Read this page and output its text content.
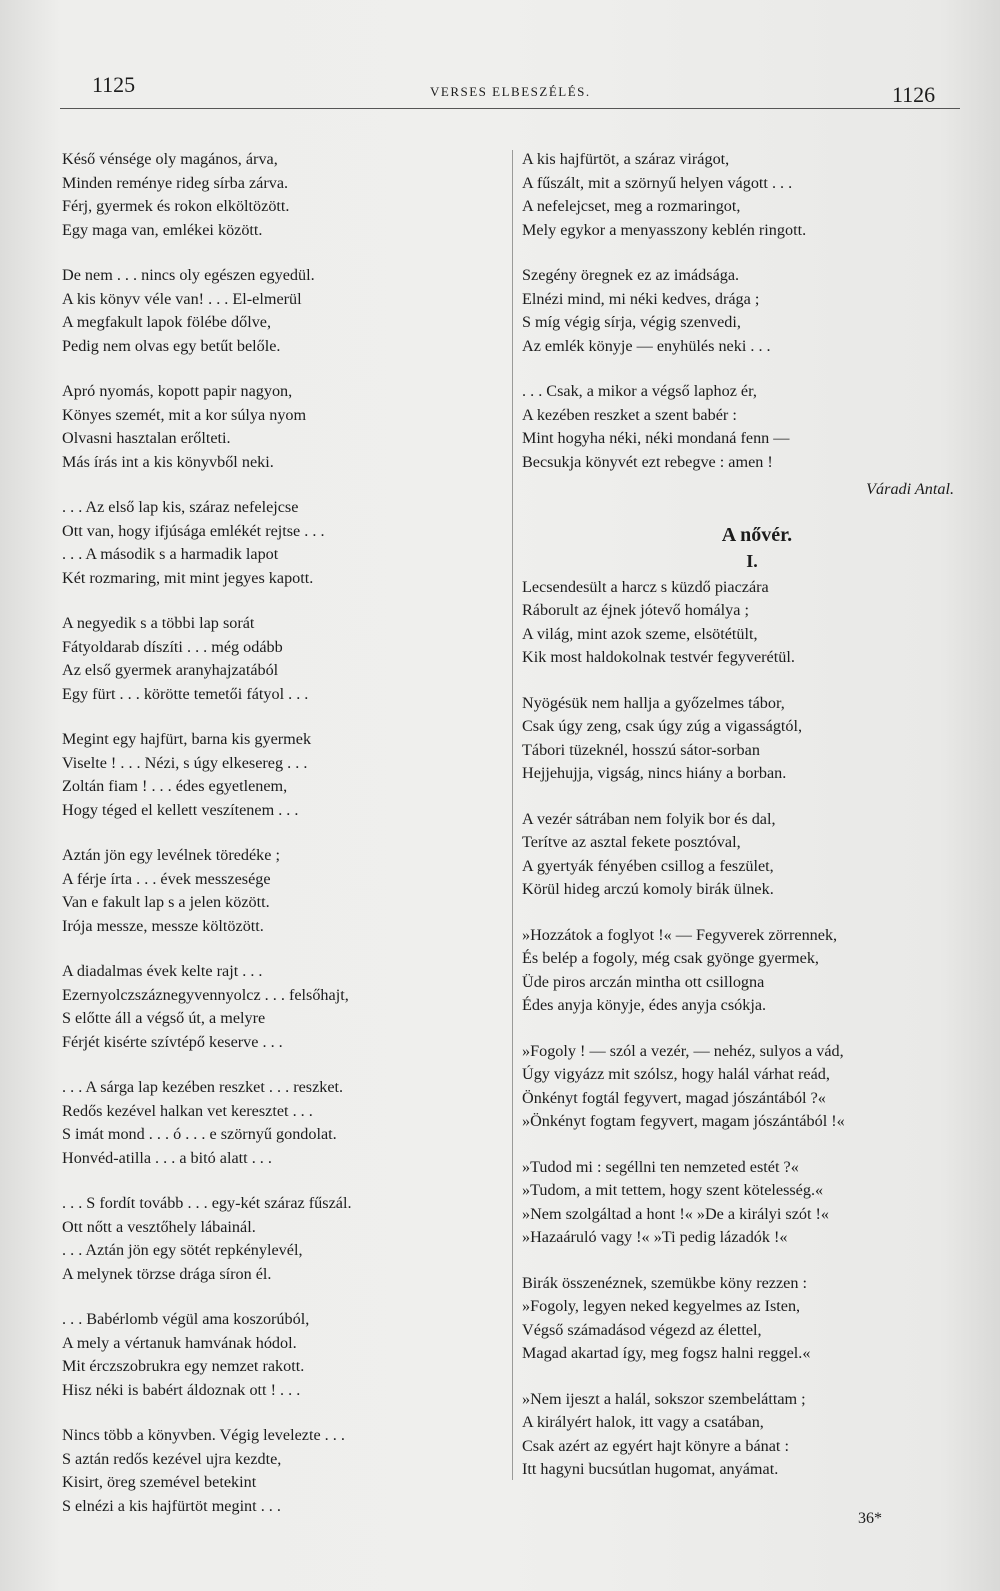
1125	VERSES ELBESZÉLÉS.	1126
Késő vénsége oly magános, árva,
Minden reménye rideg sírba zárva.
Férj, gyermek és rokon elköltözött.
Egy maga van, emlékei között.
De nem . . . nincs oly egészen egyedül.
A kis könyv véle van! . . . El-elmerül
A megfakult lapok fölébe dőlve,
Pedig nem olvas egy betűt belőle.
Apró nyomás, kopott papir nagyon,
Könyes szemét, mit a kor súlya nyom
Olvasni hasztalan erőlteti.
Más írás int a kis könyvből neki.
. . . Az első lap kis, száraz nefelejcse
Ott van, hogy ifjúsága emlékét rejtse . . .
. . . A második s a harmadik lapot
Két rozmaring, mit mint jegyes kapott.
A negyedik s a többi lap sorát
Fátyoldarab díszíti . . . még odább
Az első gyermek aranyhajzatából
Egy fürt . . . körötte temetői fátyol . . .
Megint egy hajfürt, barna kis gyermek
Viselte ! . . . Nézi, s úgy elkesereg . . .
Zoltán fiam ! . . . édes egyetlenem,
Hogy téged el kellett veszítenem . . .
Aztán jön egy levélnek töredéke ;
A férje írta . . . évek messzesége
Van e fakult lap s a jelen között.
Irója messze, messze költözött.
A diadalmas évek kelte rajt . . .
Ezernyolczszáznegyvennyolcz . . . felsőhajt,
S előtte áll a végső út, a melyre
Férjét kisérte szívtépő keserve . . .
. . . A sárga lap kezében reszket . . . reszket.
Redős kezével halkan vet keresztet . . .
S imát mond . . . ó . . . e szörnyű gondolat.
Honvéd-atilla . . . a bitó alatt . . .
. . . S fordít tovább . . . egy-két száraz fűszál.
Ott nőtt a vesztőhely lábainál.
. . . Aztán jön egy sötét repkénylevél,
A melynek törzse drága síron él.
. . . Babérlomb végül ama koszorúból,
A mely a vértanuk hamvának hódol.
Mit érczszobrukra egy nemzet rakott.
Hisz néki is babért áldoznak ott ! . . .
Nincs több a könyvben. Végig levelezte . . .
S aztán redős kezével ujra kezdte,
Kisirt, öreg szemével betekint
S elnézi a kis hajfürtöt megint . . .
A kis hajfürtöt, a száraz virágot,
A fűszált, mit a szörnyű helyen vágott . . .
A nefelejcset, meg a rozmaringot,
Mely egykor a menyasszony keblén ringott.
Szegény öregnek ez az imádsága.
Elnézi mind, mi néki kedves, drága ;
S míg végig sírja, végig szenvedi,
Az emlék könyje — enyhülés neki . . .
. . . Csak, a mikor a végső laphoz ér,
A kezében reszket a szent babér :
Mint hogyha néki, néki mondaná fenn —
Becsukja könyvét ezt rebegve : amen !
Váradi Antal.
A nővér.
I.
Lecsendesült a harcz s küzdő piaczára
Ráborult az éjnek jótevő homálya ;
A világ, mint azok szeme, elsötétült,
Kik most haldokolnak testvér fegyverétül.
Nyögésük nem hallja a győzelmes tábor,
Csak úgy zeng, csak úgy zúg a vigasságtól,
Tábori tüzeknél, hosszú sátor-sorban
Hejjehujja, vigság, nincs hiány a borban.
A vezér sátrában nem folyik bor és dal,
Terítve az asztal fekete posztóval,
A gyertyák fényében csillog a feszület,
Körül hideg arczú komoly birák ülnek.
»Hozzátok a foglyot !« — Fegyverek zörrennek,
És belép a fogoly, még csak gyönge gyermek,
Üde piros arczán mintha ott csillogna
Édes anyja könyje, édes anyja csókja.
»Fogoly ! — szól a vezér, — nehéz, sulyos a vád,
Úgy vigyázz mit szólsz, hogy halál várhat reád,
Önkényt fogtál fegyvert, magad jószántából ?«
»Önkényt fogtam fegyvert, magam jószántából !«
»Tudod mi : segéllni ten nemzeted estét ?«
»Tudom, a mit tettem, hogy szent kötelesség.«
»Nem szolgáltad a hont !« »De a királyi szót !«
»Hazaáruló vagy !« »Ti pedig lázadók !«
Birák összenéznek, szemükbe köny rezzen :
»Fogoly, legyen neked kegyelmes az Isten,
Végső számadásod végezd az élettel,
Magad akartad így, meg fogsz halni reggel.«
»Nem ijeszt a halál, sokszor szembeláttam ;
A királyért halok, itt vagy a csatában,
Csak azért az egyért hajt könyre a bánat :
Itt hagyni bucsútlan hugomat, anyámat.
36*
